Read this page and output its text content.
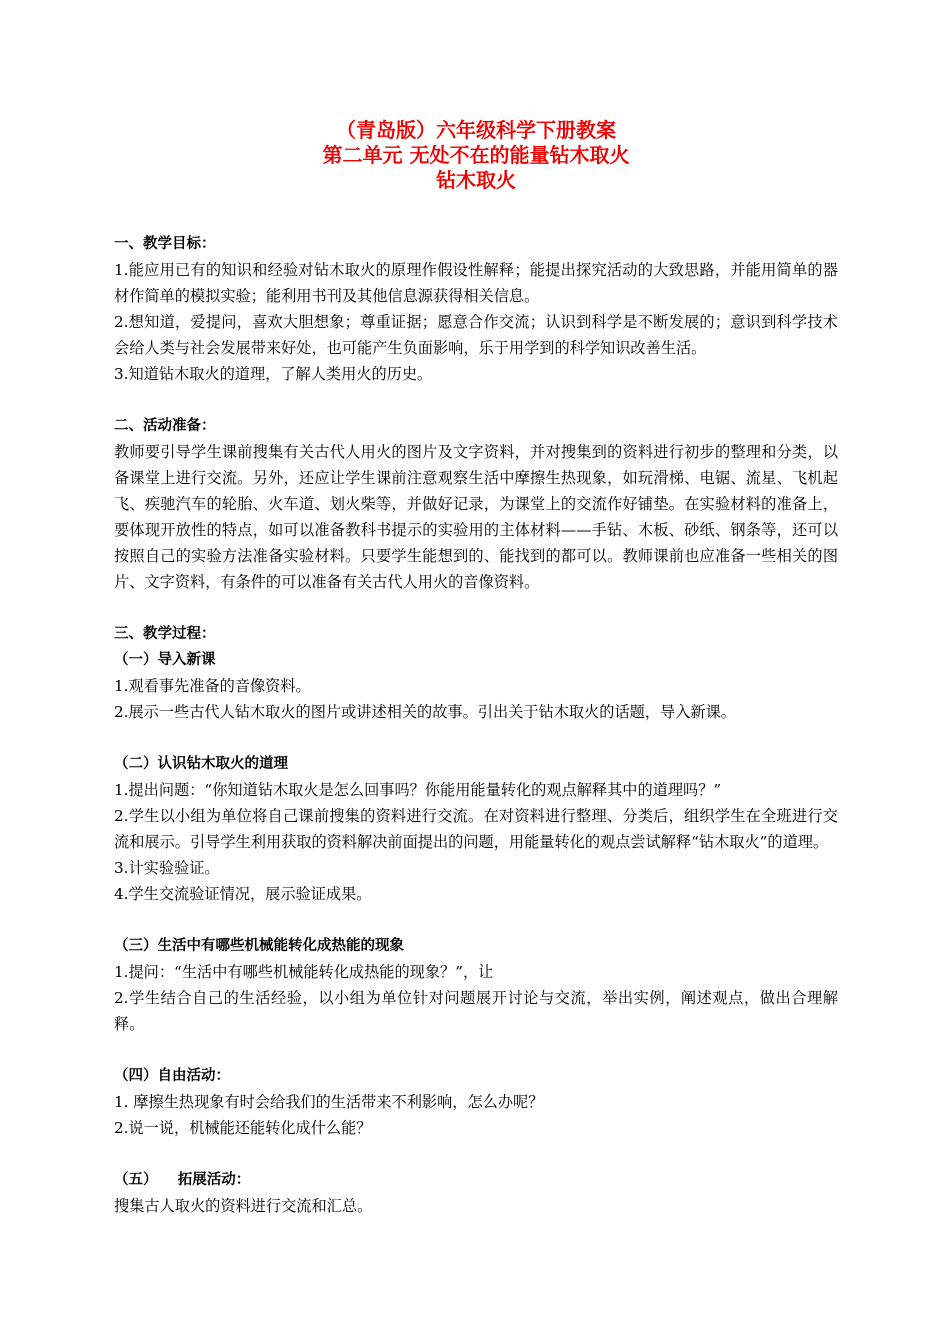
（青岛版）六年级科学下册教案

第二单元 无处不在的能量钻木取火

钻木取火

一、教学目标：

1.能应用已有的知识和经验对钻木取火的原理作假设性解释；能提出探究活动的大致思路，并能用简单的器材作简单的模拟实验；能利用书刊及其他信息源获得相关信息。

2.想知道，爱提问，喜欢大胆想象；尊重证据；愿意合作交流；认识到科学是不断发展的；意识到科学技术会给人类与社会发展带来好处，也可能产生负面影响，乐于用学到的科学知识改善生活。

3.知道钻木取火的道理，了解人类用火的历史。

二、活动准备：

教师要引导学生课前搜集有关古代人用火的图片及文字资料，并对搜集到的资料进行初步的整理和分类，以备课堂上进行交流。另外，还应让学生课前注意观察生活中摩擦生热现象，如玩滑梯、电锯、流星、飞机起飞、疾驰汽车的轮胎、火车道、划火柴等，并做好记录，为课堂上的交流作好铺垫。在实验材料的准备上，要体现开放性的特点，如可以准备教科书提示的实验用的主体材料——手钻、木板、砂纸、钢条等，还可以按照自己的实验方法准备实验材料。只要学生能想到的、能找到的都可以。教师课前也应准备一些相关的图片、文字资料，有条件的可以准备有关古代人用火的音像资料。

三、教学过程：

（一）导入新课

1.观看事先准备的音像资料。

2.展示一些古代人钻木取火的图片或讲述相关的故事。引出关于钻木取火的话题，导入新课。

（二）认识钻木取火的道理

1.提出问题：“你知道钻木取火是怎么回事吗？你能用能量转化的观点解释其中的道理吗？”

2.学生以小组为单位将自己课前搜集的资料进行交流。在对资料进行整理、分类后，组织学生在全班进行交流和展示。引导学生利用获取的资料解决前面提出的问题，用能量转化的观点尝试解释“钻木取火”的道理。

3.计实验验证。

4.学生交流验证情况，展示验证成果。

（三）生活中有哪些机械能转化成热能的现象

1.提问：“生活中有哪些机械能转化成热能的现象？”，让

2.学生结合自己的生活经验，以小组为单位针对问题展开讨论与交流，举出实例，阐述观点，做出合理解释。

（四）自由活动：

1. 摩擦生热现象有时会给我们的生活带来不利影响，怎么办呢？

2.说一说，机械能还能转化成什么能？

（五）    拓展活动：

搜集古人取火的资料进行交流和汇总。
